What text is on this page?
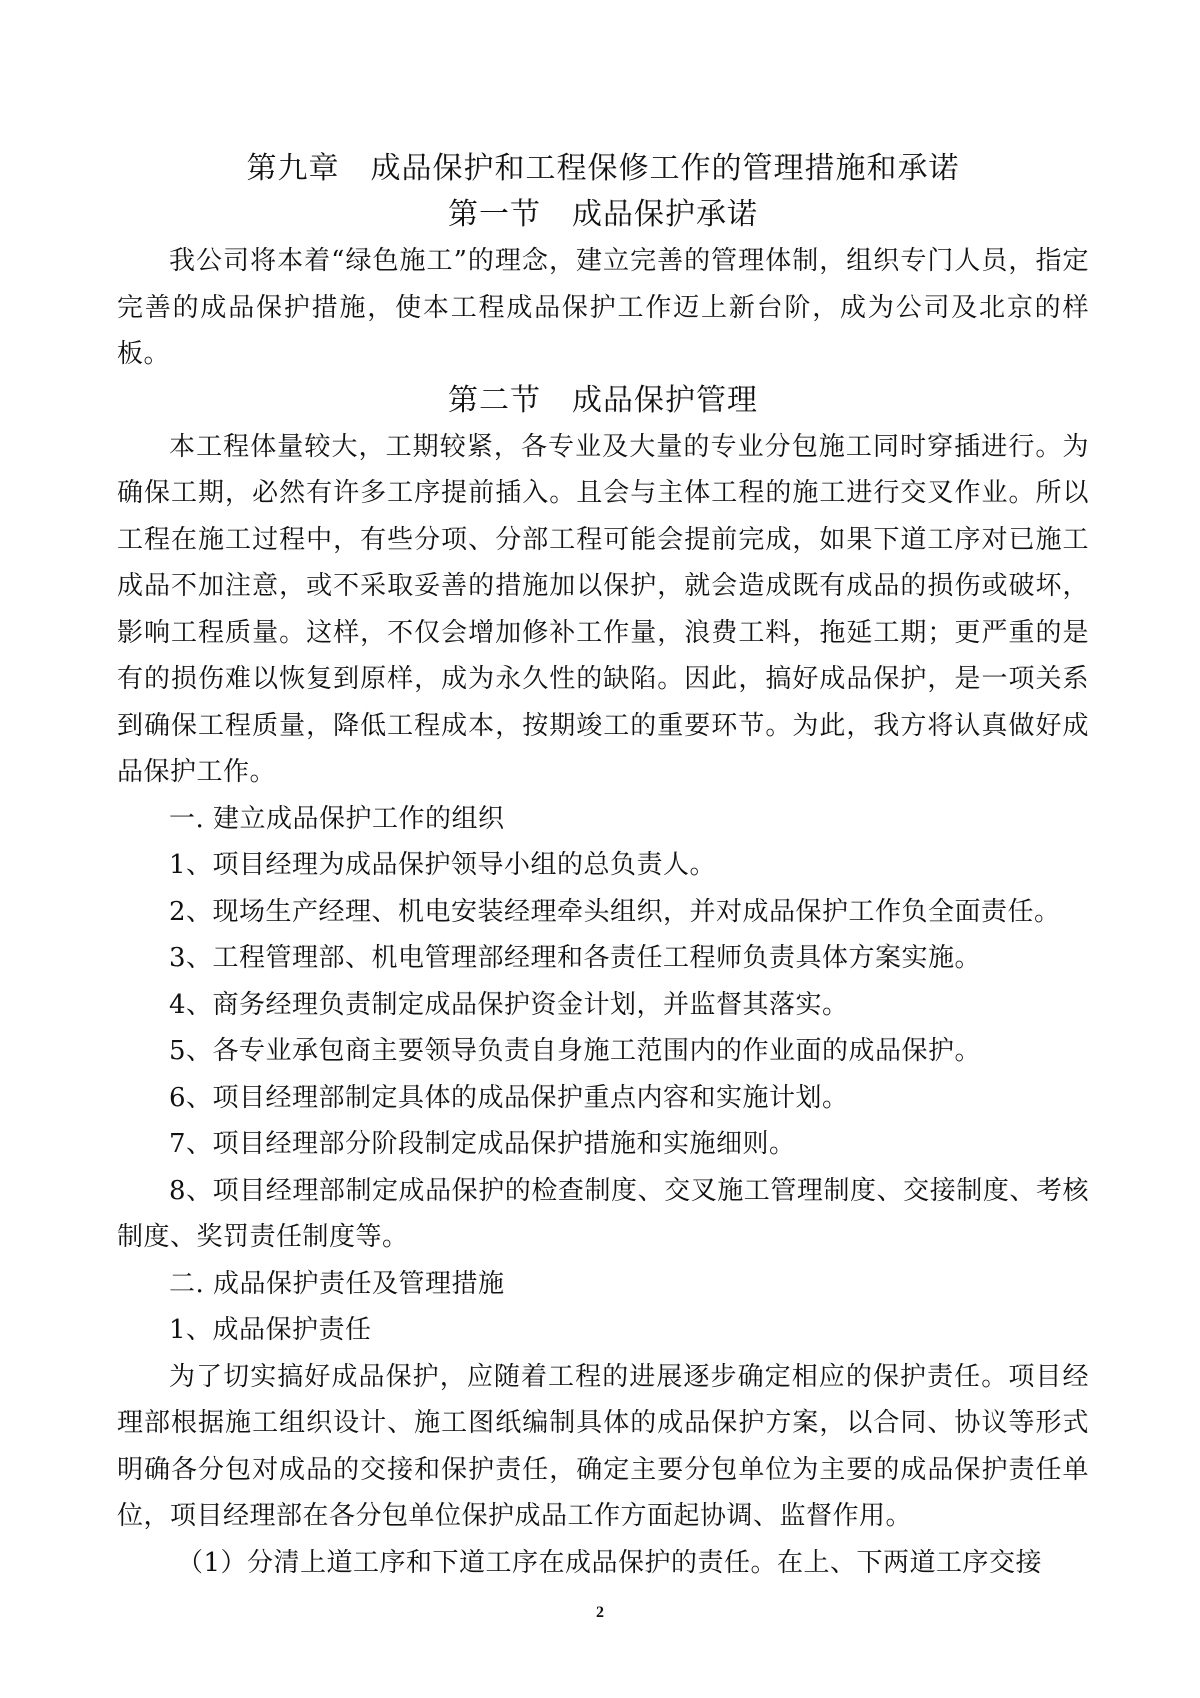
第九章　成品保护和工程保修工作的管理措施和承诺
第一节　成品保护承诺

我公司将本着“绿色施工”的理念，建立完善的管理体制，组织专门人员，指定完善的成品保护措施，使本工程成品保护工作迈上新台阶，成为公司及北京的样板。

第二节　成品保护管理

本工程体量较大，工期较紧，各专业及大量的专业分包施工同时穿插进行。为确保工期，必然有许多工序提前插入。且会与主体工程的施工进行交叉作业。所以工程在施工过程中，有些分项、分部工程可能会提前完成，如果下道工序对已施工成品不加注意，或不采取妥善的措施加以保护，就会造成既有成品的损伤或破坏，影响工程质量。这样，不仅会增加修补工作量，浪费工料，拖延工期；更严重的是有的损伤难以恢复到原样，成为永久性的缺陷。因此，搞好成品保护，是一项关系到确保工程质量，降低工程成本，按期竣工的重要环节。为此，我方将认真做好成品保护工作。

一. 建立成品保护工作的组织

1、项目经理为成品保护领导小组的总负责人。

2、现场生产经理、机电安装经理牵头组织，并对成品保护工作负全面责任。

3、工程管理部、机电管理部经理和各责任工程师负责具体方案实施。

4、商务经理负责制定成品保护资金计划，并监督其落实。

5、各专业承包商主要领导负责自身施工范围内的作业面的成品保护。

6、项目经理部制定具体的成品保护重点内容和实施计划。

7、项目经理部分阶段制定成品保护措施和实施细则。

8、项目经理部制定成品保护的检查制度、交叉施工管理制度、交接制度、考核制度、奖罚责任制度等。

二. 成品保护责任及管理措施

1、成品保护责任

为了切实搞好成品保护，应随着工程的进展逐步确定相应的保护责任。项目经理部根据施工组织设计、施工图纸编制具体的成品保护方案，以合同、协议等形式明确各分包对成品的交接和保护责任，确定主要分包单位为主要的成品保护责任单位，项目经理部在各分包单位保护成品工作方面起协调、监督作用。

（1）分清上道工序和下道工序在成品保护的责任。在上、下两道工序交接

2
